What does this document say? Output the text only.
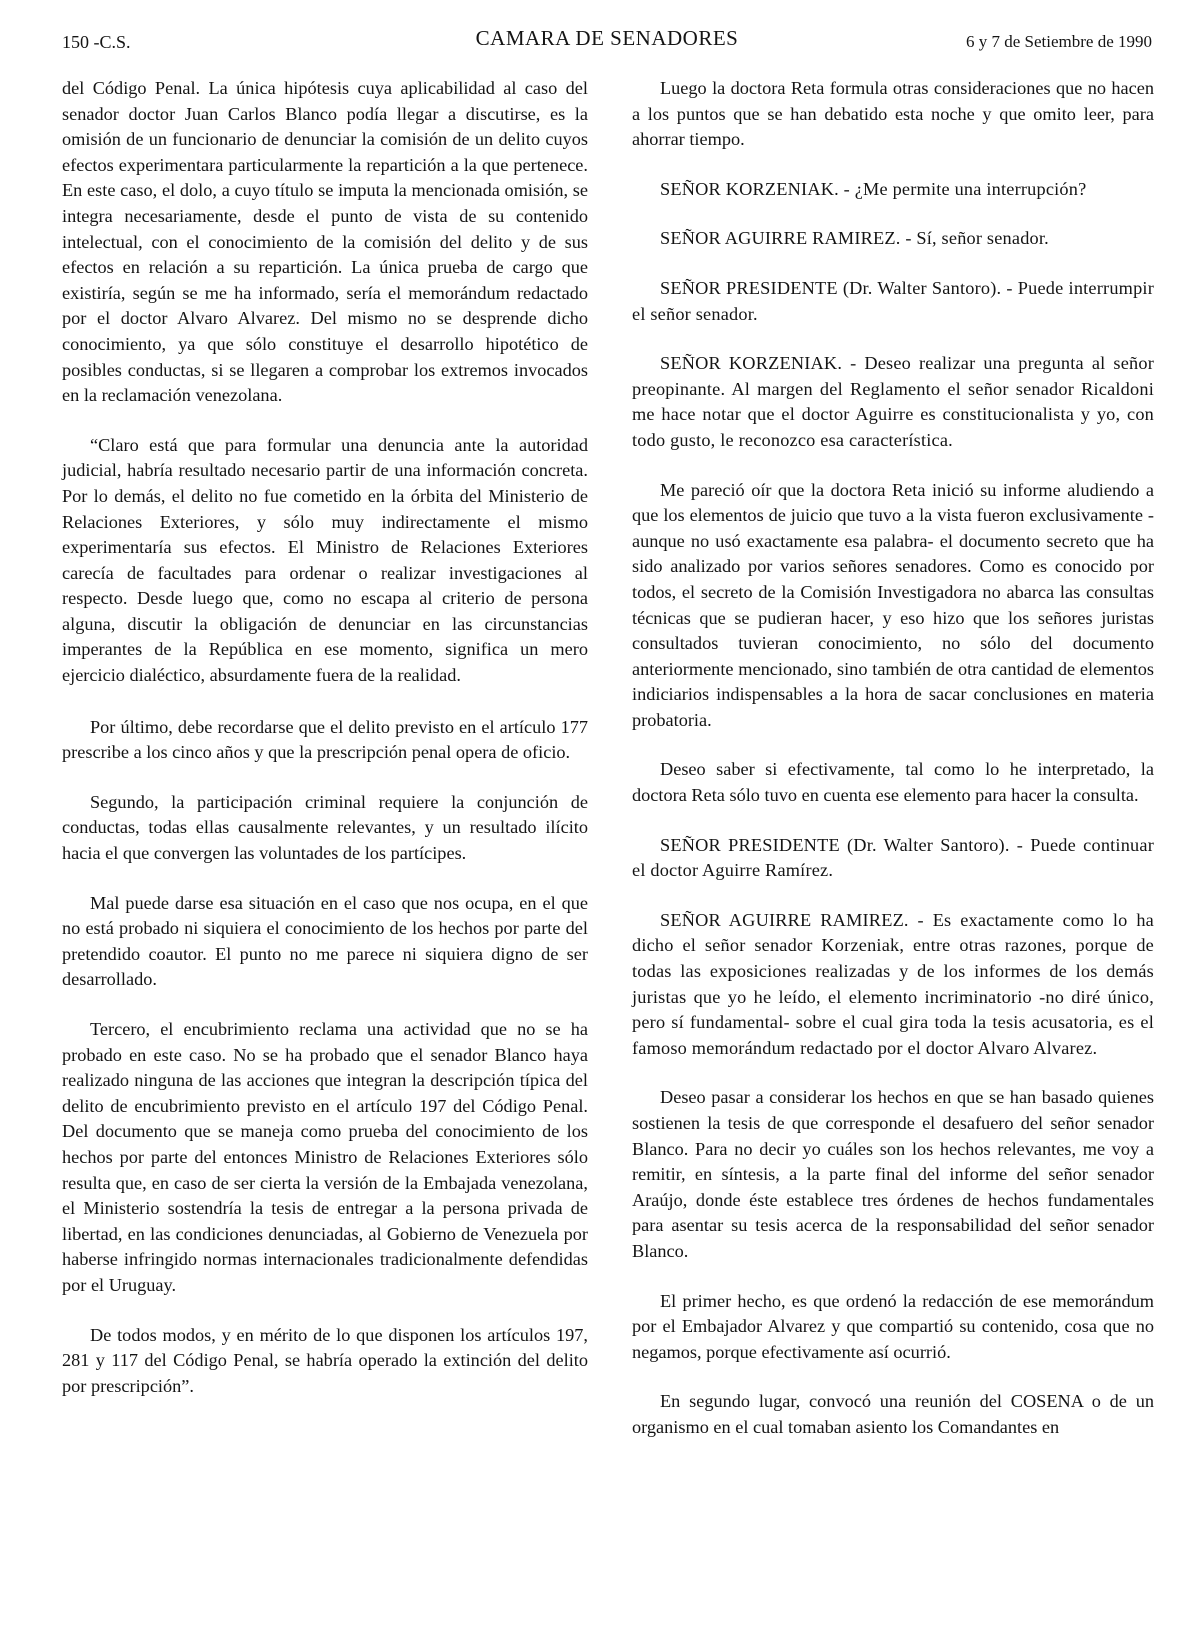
150 -C.S.	CAMARA DE SENADORES	6 y 7 de Setiembre de 1990

del Código Penal. La única hipótesis cuya aplicabilidad al caso del senador doctor Juan Carlos Blanco podía llegar a discutirse, es la omisión de un funcionario de denunciar la comisión de un delito cuyos efectos experimentara particularmente la repartición a la que pertenece. En este caso, el dolo, a cuyo título se imputa la mencionada omisión, se integra necesariamente, desde el punto de vista de su contenido intelectual, con el conocimiento de la comisión del delito y de sus efectos en relación a su repartición. La única prueba de cargo que existiría, según se me ha informado, sería el memorándum redactado por el doctor Alvaro Alvarez. Del mismo no se desprende dicho conocimiento, ya que sólo constituye el desarrollo hipotético de posibles conductas, si se llegaren a comprobar los extremos invocados en la reclamación venezolana.

“Claro está que para formular una denuncia ante la autoridad judicial, habría resultado necesario partir de una información concreta. Por lo demás, el delito no fue cometido en la órbita del Ministerio de Relaciones Exteriores, y sólo muy indirectamente el mismo experimentaría sus efectos. El Ministro de Relaciones Exteriores carecía de facultades para ordenar o realizar investigaciones al respecto. Desde luego que, como no escapa al criterio de persona alguna, discutir la obligación de denunciar en las circunstancias imperantes de la República en ese momento, significa un mero ejercicio dialéctico, absurdamente fuera de la realidad.

Por último, debe recordarse que el delito previsto en el artículo 177 prescribe a los cinco años y que la prescripción penal opera de oficio.

Segundo, la participación criminal requiere la conjunción de conductas, todas ellas causalmente relevantes, y un resultado ilícito hacia el que convergen las voluntades de los partícipes.

Mal puede darse esa situación en el caso que nos ocupa, en el que no está probado ni siquiera el conocimiento de los hechos por parte del pretendido coautor. El punto no me parece ni siquiera digno de ser desarrollado.

Tercero, el encubrimiento reclama una actividad que no se ha probado en este caso. No se ha probado que el senador Blanco haya realizado ninguna de las acciones que integran la descripción típica del delito de encubrimiento previsto en el artículo 197 del Código Penal. Del documento que se maneja como prueba del conocimiento de los hechos por parte del entonces Ministro de Relaciones Exteriores sólo resulta que, en caso de ser cierta la versión de la Embajada venezolana, el Ministerio sostendría la tesis de entregar a la persona privada de libertad, en las condiciones denunciadas, al Gobierno de Venezuela por haberse infringido normas internacionales tradicionalmente defendidas por el Uruguay.

De todos modos, y en mérito de lo que disponen los artículos 197, 281 y 117 del Código Penal, se habría operado la extinción del delito por prescripción”.

Luego la doctora Reta formula otras consideraciones que no hacen a los puntos que se han debatido esta noche y que omito leer, para ahorrar tiempo.

SEÑOR KORZENIAK. - ¿Me permite una interrupción?

SEÑOR AGUIRRE RAMIREZ. - Sí, señor senador.

SEÑOR PRESIDENTE (Dr. Walter Santoro). - Puede interrumpir el señor senador.

SEÑOR KORZENIAK. - Deseo realizar una pregunta al señor preopinante. Al margen del Reglamento el señor senador Ricaldoni me hace notar que el doctor Aguirre es constitucionalista y yo, con todo gusto, le reconozco esa característica.

Me pareció oír que la doctora Reta inició su informe aludiendo a que los elementos de juicio que tuvo a la vista fueron exclusivamente -aunque no usó exactamente esa palabra- el documento secreto que ha sido analizado por varios señores senadores. Como es conocido por todos, el secreto de la Comisión Investigadora no abarca las consultas técnicas que se pudieran hacer, y eso hizo que los señores juristas consultados tuvieran conocimiento, no sólo del documento anteriormente mencionado, sino también de otra cantidad de elementos indiciarios indispensables a la hora de sacar conclusiones en materia probatoria.

Deseo saber si efectivamente, tal como lo he interpretado, la doctora Reta sólo tuvo en cuenta ese elemento para hacer la consulta.

SEÑOR PRESIDENTE (Dr. Walter Santoro). - Puede continuar el doctor Aguirre Ramírez.

SEÑOR AGUIRRE RAMIREZ. - Es exactamente como lo ha dicho el señor senador Korzeniak, entre otras razones, porque de todas las exposiciones realizadas y de los informes de los demás juristas que yo he leído, el elemento incriminatorio -no diré único, pero sí fundamental- sobre el cual gira toda la tesis acusatoria, es el famoso memorándum redactado por el doctor Alvaro Alvarez.

Deseo pasar a considerar los hechos en que se han basado quienes sostienen la tesis de que corresponde el desafuero del señor senador Blanco. Para no decir yo cuáles son los hechos relevantes, me voy a remitir, en síntesis, a la parte final del informe del señor senador Araújo, donde éste establece tres órdenes de hechos fundamentales para asentar su tesis acerca de la responsabilidad del señor senador Blanco.

El primer hecho, es que ordenó la redacción de ese memorándum por el Embajador Alvarez y que compartió su contenido, cosa que no negamos, porque efectivamente así ocurrió.

En segundo lugar, convocó una reunión del COSENA o de un organismo en el cual tomaban asiento los Comandantes en
